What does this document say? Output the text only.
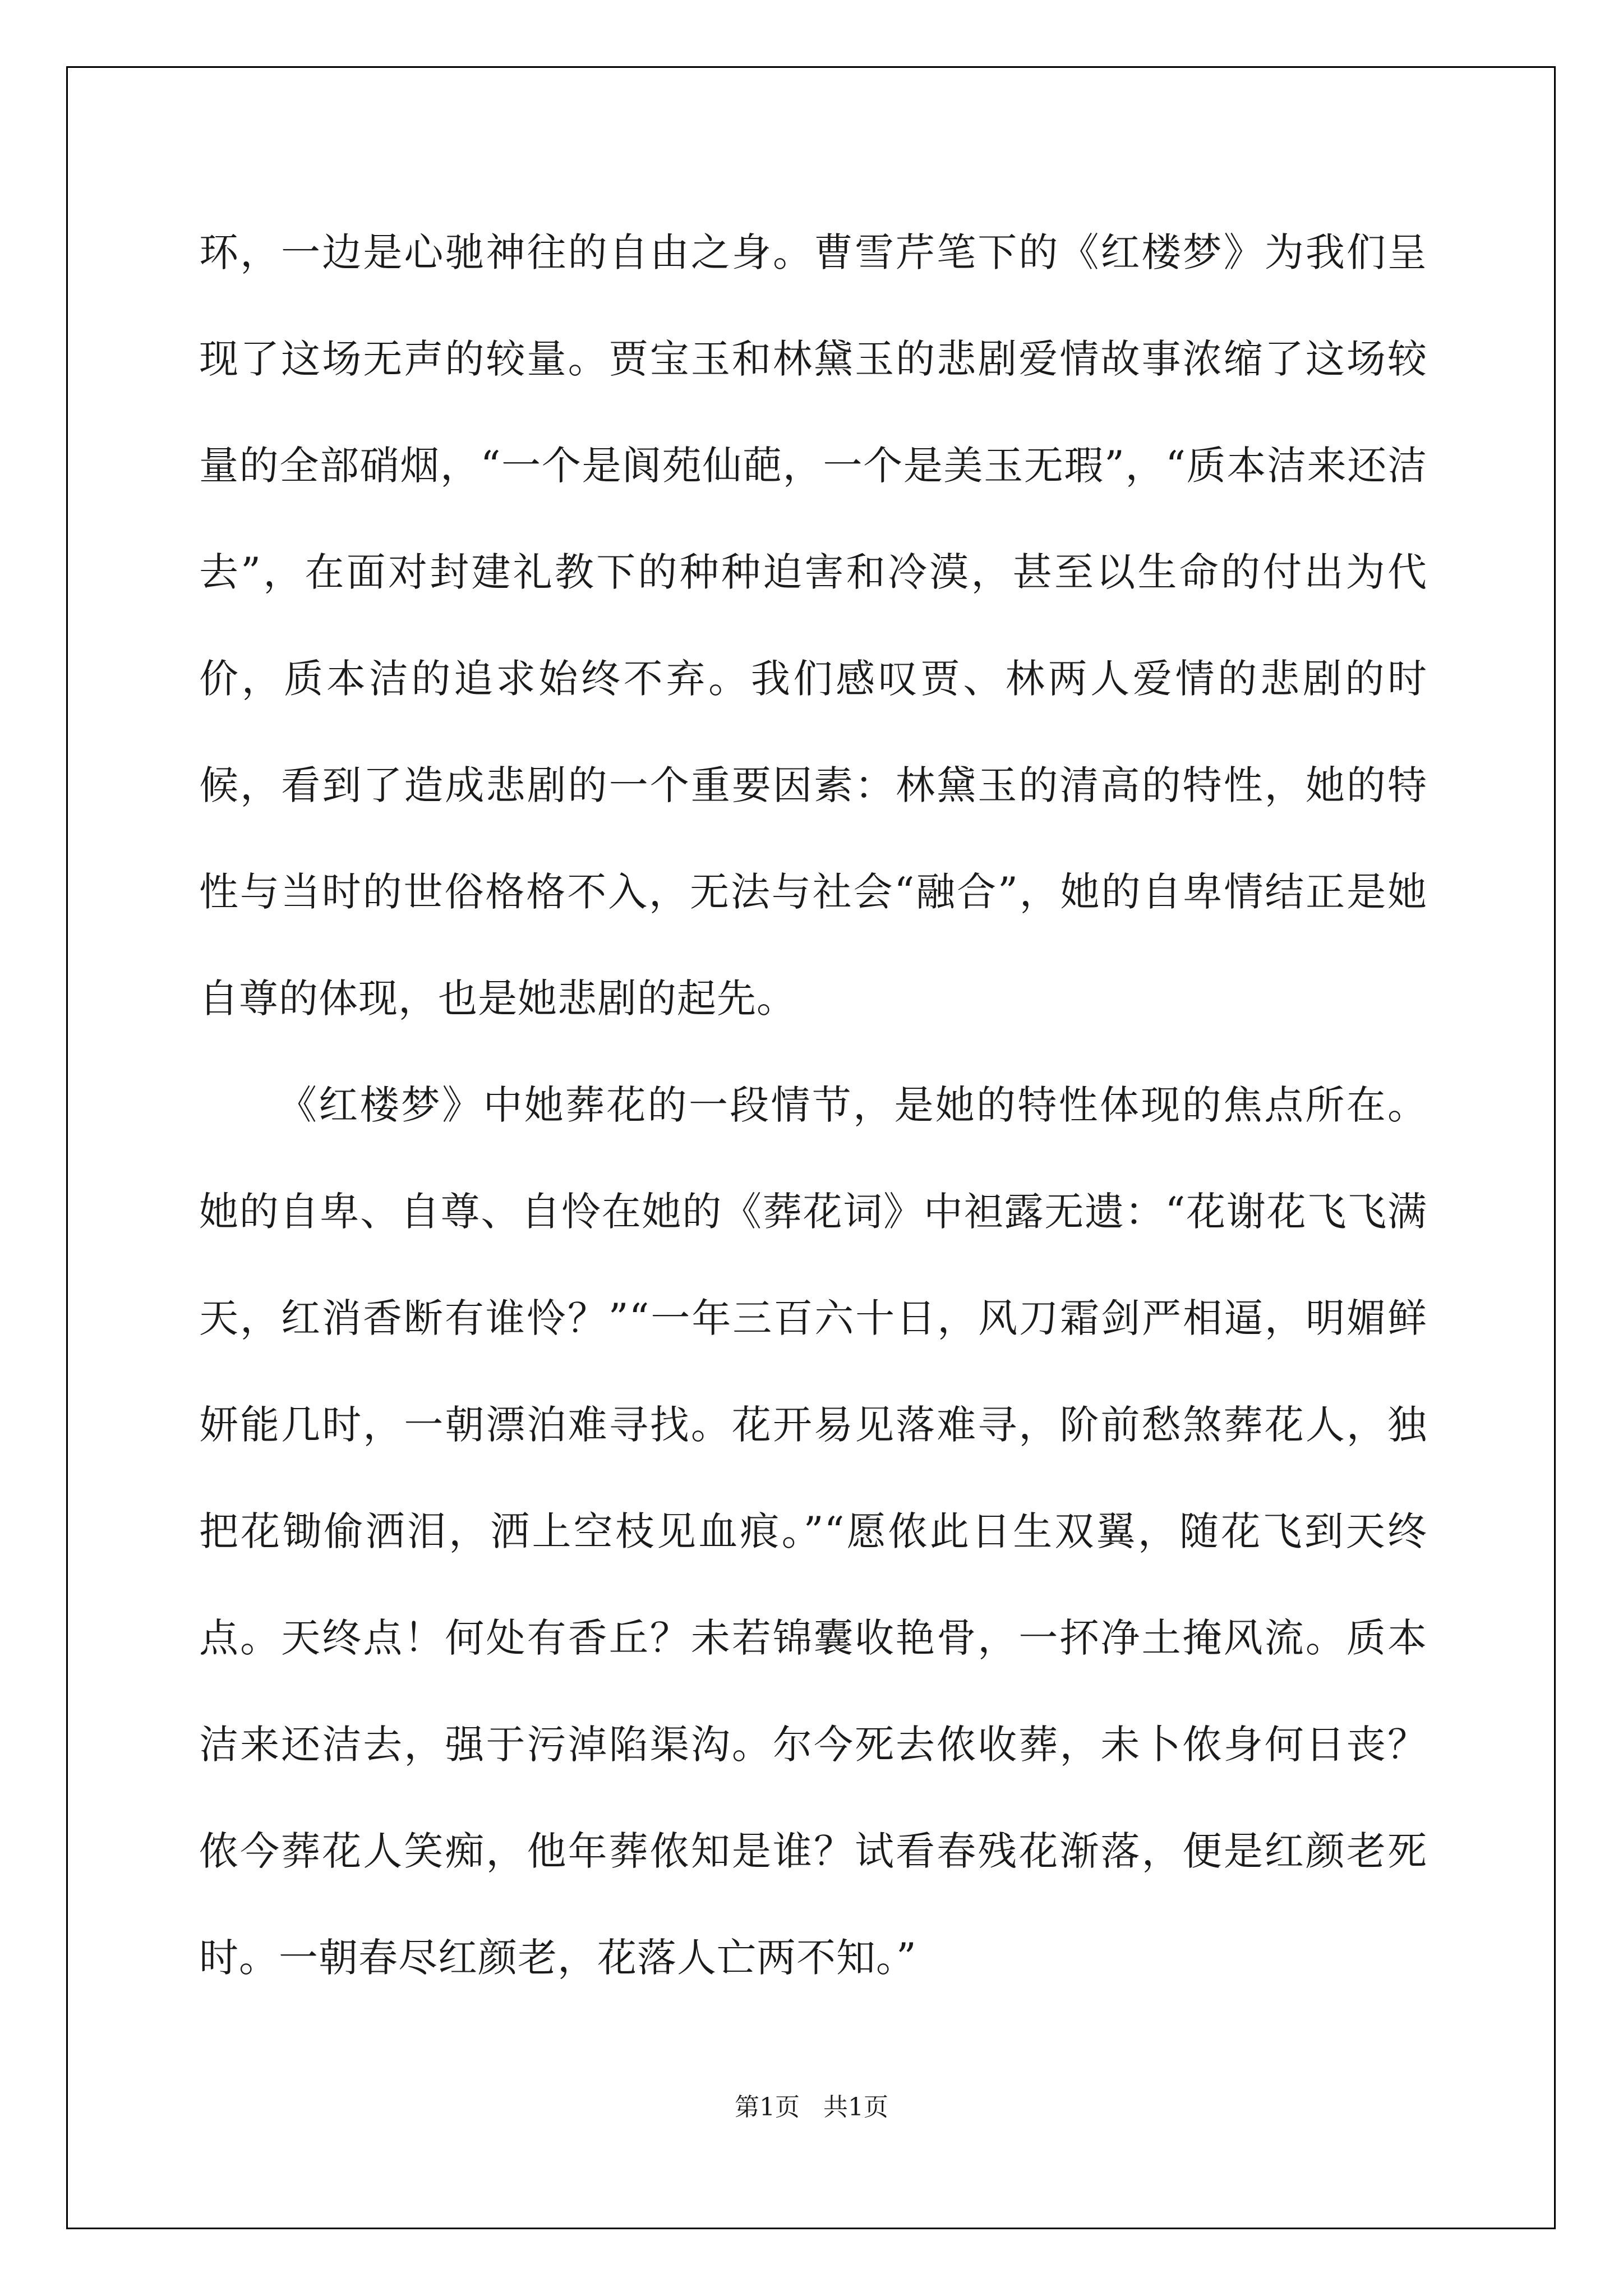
环，一边是心驰神往的自由之身。曹雪芹笔下的《红楼梦》为我们呈现了这场无声的较量。贾宝玉和林黛玉的悲剧爱情故事浓缩了这场较量的全部硝烟，“一个是阆苑仙葩，一个是美玉无瑕”，“质本洁来还洁去”，在面对封建礼教下的种种迫害和冷漠，甚至以生命的付出为代价，质本洁的追求始终不弃。我们感叹贾、林两人爱情的悲剧的时候，看到了造成悲剧的一个重要因素：林黛玉的清高的特性，她的特性与当时的世俗格格不入，无法与社会“融合”，她的自卑情结正是她自尊的体现，也是她悲剧的起先。

《红楼梦》中她葬花的一段情节，是她的特性体现的焦点所在。她的自卑、自尊、自怜在她的《葬花词》中袒露无遗：“花谢花飞飞满天，红消香断有谁怜？”“一年三百六十日，风刀霜剑严相逼，明媚鲜妍能几时，一朝漂泊难寻找。花开易见落难寻，阶前愁煞葬花人，独把花锄偷洒泪，洒上空枝见血痕。”“愿侬此日生双翼，随花飞到天终点。天终点！何处有香丘？未若锦囊收艳骨，一抔净土掩风流。质本洁来还洁去，强于污淖陷渠沟。尔今死去侬收葬，未卜侬身何日丧？侬今葬花人笑痴，他年葬侬知是谁？试看春残花渐落，便是红颜老死时。一朝春尽红颜老，花落人亡两不知。”

第1页   共1页
